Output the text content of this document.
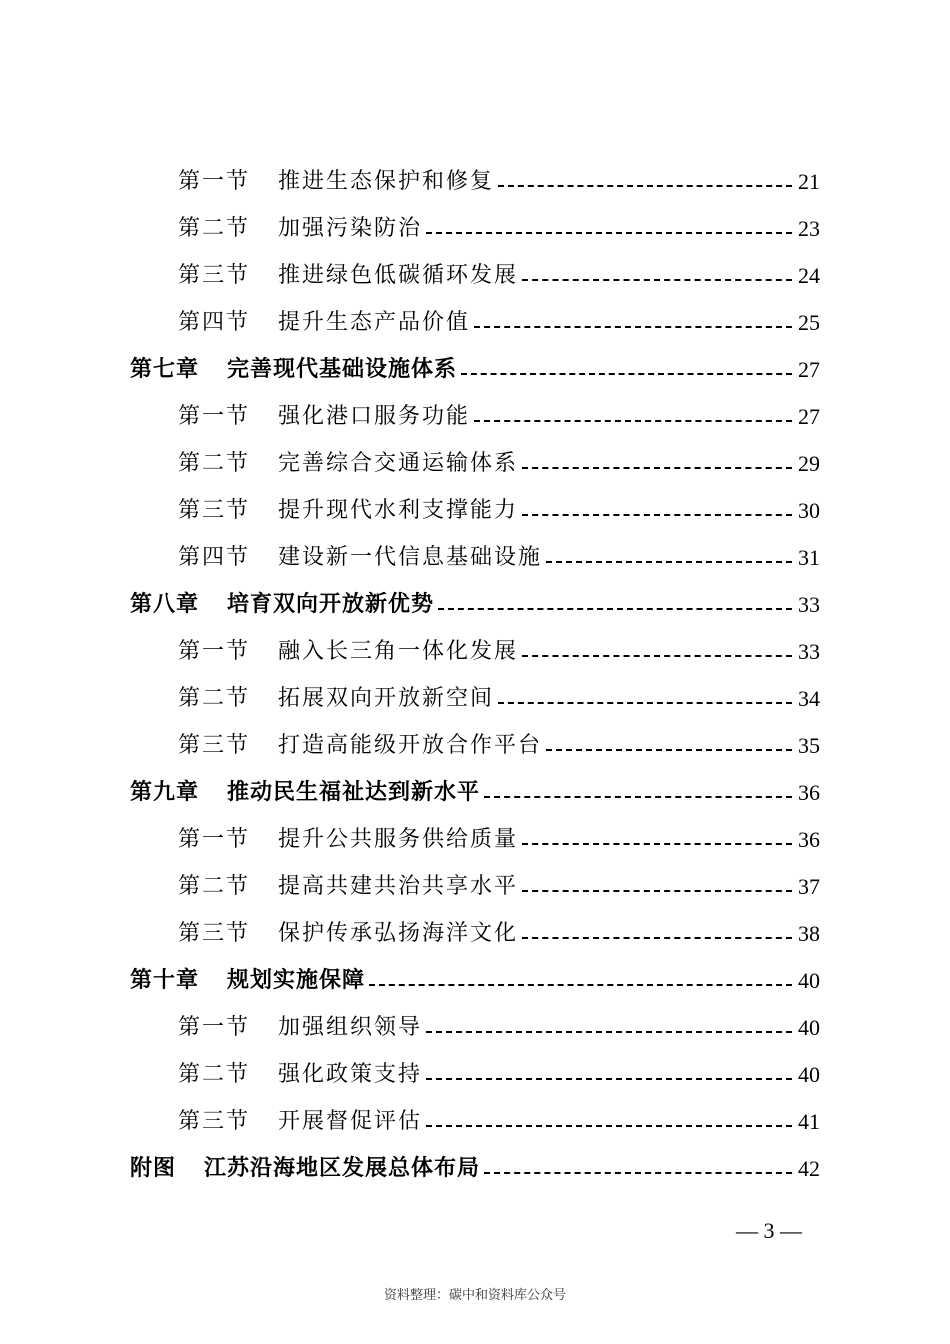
第一节 推进生态保护和修复	21
第二节 加强污染防治	23
第三节 推进绿色低碳循环发展	24
第四节 提升生态产品价值	25
第七章 完善现代基础设施体系	27
第一节 强化港口服务功能	27
第二节 完善综合交通运输体系	29
第三节 提升现代水利支撑能力	30
第四节 建设新一代信息基础设施	31
第八章 培育双向开放新优势	33
第一节 融入长三角一体化发展	33
第二节 拓展双向开放新空间	34
第三节 打造高能级开放合作平台	35
第九章 推动民生福祉达到新水平	36
第一节 提升公共服务供给质量	36
第二节 提高共建共治共享水平	37
第三节 保护传承弘扬海洋文化	38
第十章 规划实施保障	40
第一节 加强组织领导	40
第二节 强化政策支持	40
第三节 开展督促评估	41
附图 江苏沿海地区发展总体布局	42
— 3 —
资料整理：碳中和资料库公众号
